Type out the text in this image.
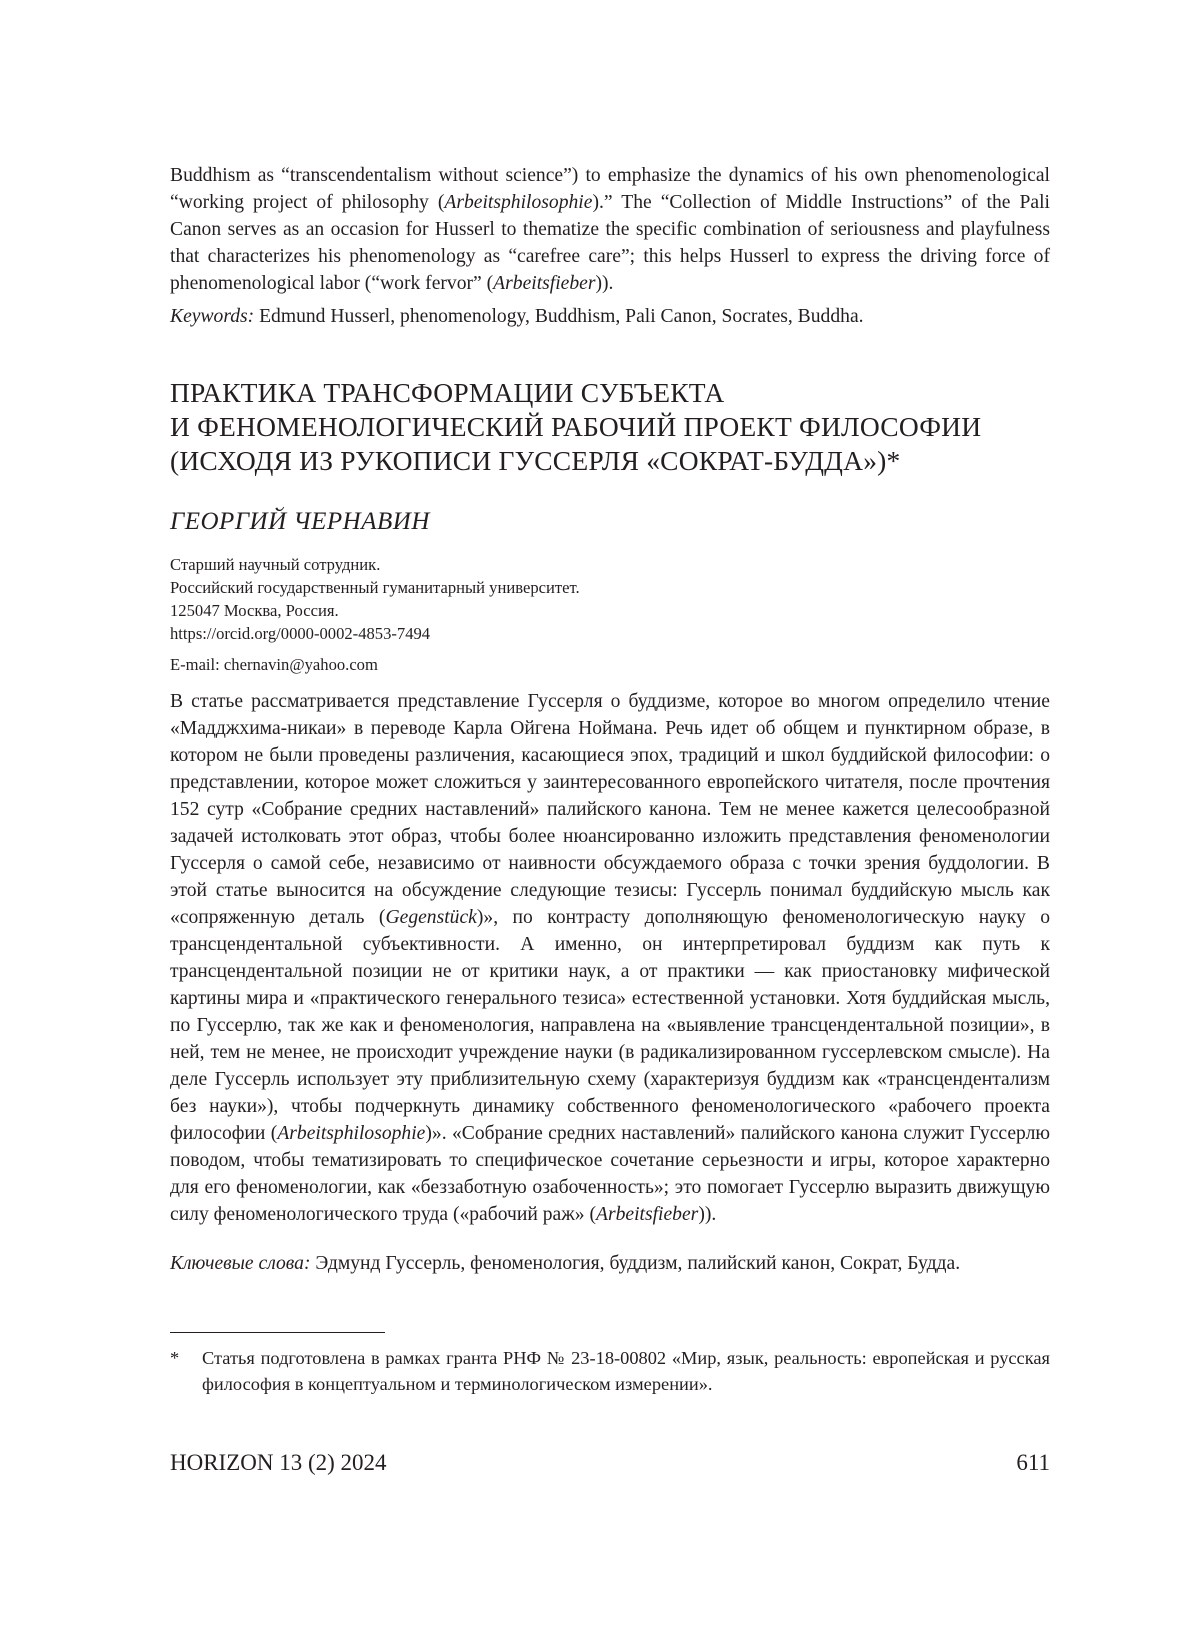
Buddhism as “transcendentalism without science”) to emphasize the dynamics of his own phenomenological “working project of philosophy (Arbeitsphilosophie).” The “Collection of Middle Instructions” of the Pali Canon serves as an occasion for Husserl to thematize the specific combination of seriousness and playfulness that characterizes his phenomenology as “carefree care”; this helps Husserl to express the driving force of phenomenological labor (“work fervor” (Arbeitsfieber)).

Keywords: Edmund Husserl, phenomenology, Buddhism, Pali Canon, Socrates, Buddha.
ПРАКТИКА ТРАНСФОРМАЦИИ СУБЪЕКТА
И ФЕНОМЕНОЛОГИЧЕСКИЙ РАБОЧИЙ ПРОЕКТ ФИЛОСОФИИ
(ИСХОДЯ ИЗ РУКОПИСИ ГУССЕРЛЯ «СОКРАТ-БУДДА»)*
ГЕОРГИЙ ЧЕРНАВИН
Старший научный сотрудник.
Российский государственный гуманитарный университет.
125047 Москва, Россия.
https://orcid.org/0000-0002-4853-7494
E-mail: chernavin@yahoo.com

В статье рассматривается представление Гуссерля о буддизме, которое во многом определило чтение «Мадджхима-никаи» в переводе Карла Ойгена Ноймана. Речь идет об общем и пунктирном образе, в котором не были проведены различения, касающиеся эпох, традиций и школ буддийской философии: о представлении, которое может сложиться у заинтересованного европейского читателя, после прочтения 152 сутр «Собрание средних наставлений» палийского канона. Тем не менее кажется целесообразной задачей истолковать этот образ, чтобы более нюансированно изложить представления феноменологии Гуссерля о самой себе, независимо от наивности обсуждаемого образа с точки зрения буддологии. В этой статье выносится на обсуждение следующие тезисы: Гуссерль понимал буддийскую мысль как «сопряженную деталь (Gegenstück)», по контрасту дополняющую феноменологическую науку о трансцендентальной субъективности. А именно, он интерпретировал буддизм как путь к трансцендентальной позиции не от критики наук, а от практики — как приостановку мифической картины мира и «практического генерального тезиса» естественной установки. Хотя буддийская мысль, по Гуссерлю, так же как и феноменология, направлена на «выявление трансцендентальной позиции», в ней, тем не менее, не происходит учреждение науки (в радикализированном гуссерлевском смысле). На деле Гуссерль использует эту приблизительную схему (характеризуя буддизм как «трансцендентализм без науки»), чтобы подчеркнуть динамику собственного феноменологического «рабочего проекта философии (Arbeitsphilosophie)». «Собрание средних наставлений» палийского канона служит Гуссерлю поводом, чтобы тематизировать то специфическое сочетание серьезности и игры, которое характерно для его феноменологии, как «беззаботную озабоченность»; это помогает Гуссерлю выразить движущую силу феноменологического труда («рабочий раж» (Arbeitsfieber)).

Ключевые слова: Эдмунд Гуссерль, феноменология, буддизм, палийский канон, Сократ, Будда.
* Статья подготовлена в рамках гранта РНФ № 23-18-00802 «Мир, язык, реальность: европейская и русская философия в концептуальном и терминологическом измерении».
HORIZON 13 (2) 2024	611
